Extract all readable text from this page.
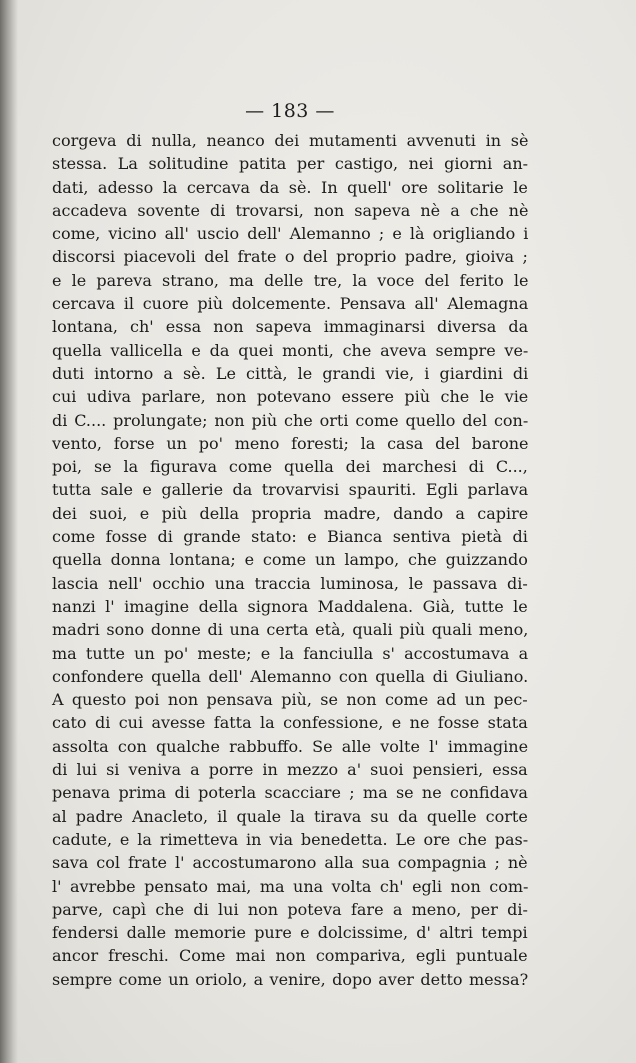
— 183 —
corgeva di nulla, neanco dei mutamenti avvenuti in sè
stessa. La solitudine patita per castigo, nei giorni an-
dati, adesso la cercava da sè. In quell' ore solitarie le
accadeva sovente di trovarsi, non sapeva nè a che nè
come, vicino all' uscio dell' Alemanno ; e là origliando i
discorsi piacevoli del frate o del proprio padre, gioiva ;
e le pareva strano, ma delle tre, la voce del ferito le
cercava il cuore più dolcemente. Pensava all' Alemagna
lontana, ch' essa non sapeva immaginarsi diversa da
quella vallicella e da quei monti, che aveva sempre ve-
duti intorno a sè. Le città, le grandi vie, i giardini di
cui udiva parlare, non potevano essere più che le vie
di C.... prolungate; non più che orti come quello del con-
vento, forse un po' meno foresti; la casa del barone
poi, se la figurava come quella dei marchesi di C...,
tutta sale e gallerie da trovarvisi spauriti. Egli parlava
dei suoi, e più della propria madre, dando a capire
come fosse di grande stato: e Bianca sentiva pietà di
quella donna lontana; e come un lampo, che guizzando
lascia nell' occhio una traccia luminosa, le passava di-
nanzi l' imagine della signora Maddalena. Già, tutte le
madri sono donne di una certa età, quali più quali meno,
ma tutte un po' meste; e la fanciulla s' accostumava a
confondere quella dell' Alemanno con quella di Giuliano.
A questo poi non pensava più, se non come ad un pec-
cato di cui avesse fatta la confessione, e ne fosse stata
assolta con qualche rabbuffo. Se alle volte l' immagine
di lui si veniva a porre in mezzo a' suoi pensieri, essa
penava prima di poterla scacciare ; ma se ne confidava
al padre Anacleto, il quale la tirava su da quelle corte
cadute, e la rimetteva in via benedetta. Le ore che pas-
sava col frate l' accostumarono alla sua compagnia ; nè
l' avrebbe pensato mai, ma una volta ch' egli non com-
parve, capì che di lui non poteva fare a meno, per di-
fendersi dalle memorie pure e dolcissime, d' altri tempi
ancor freschi. Come mai non compariva, egli puntuale
sempre come un oriolo, a venire, dopo aver detto messa?
